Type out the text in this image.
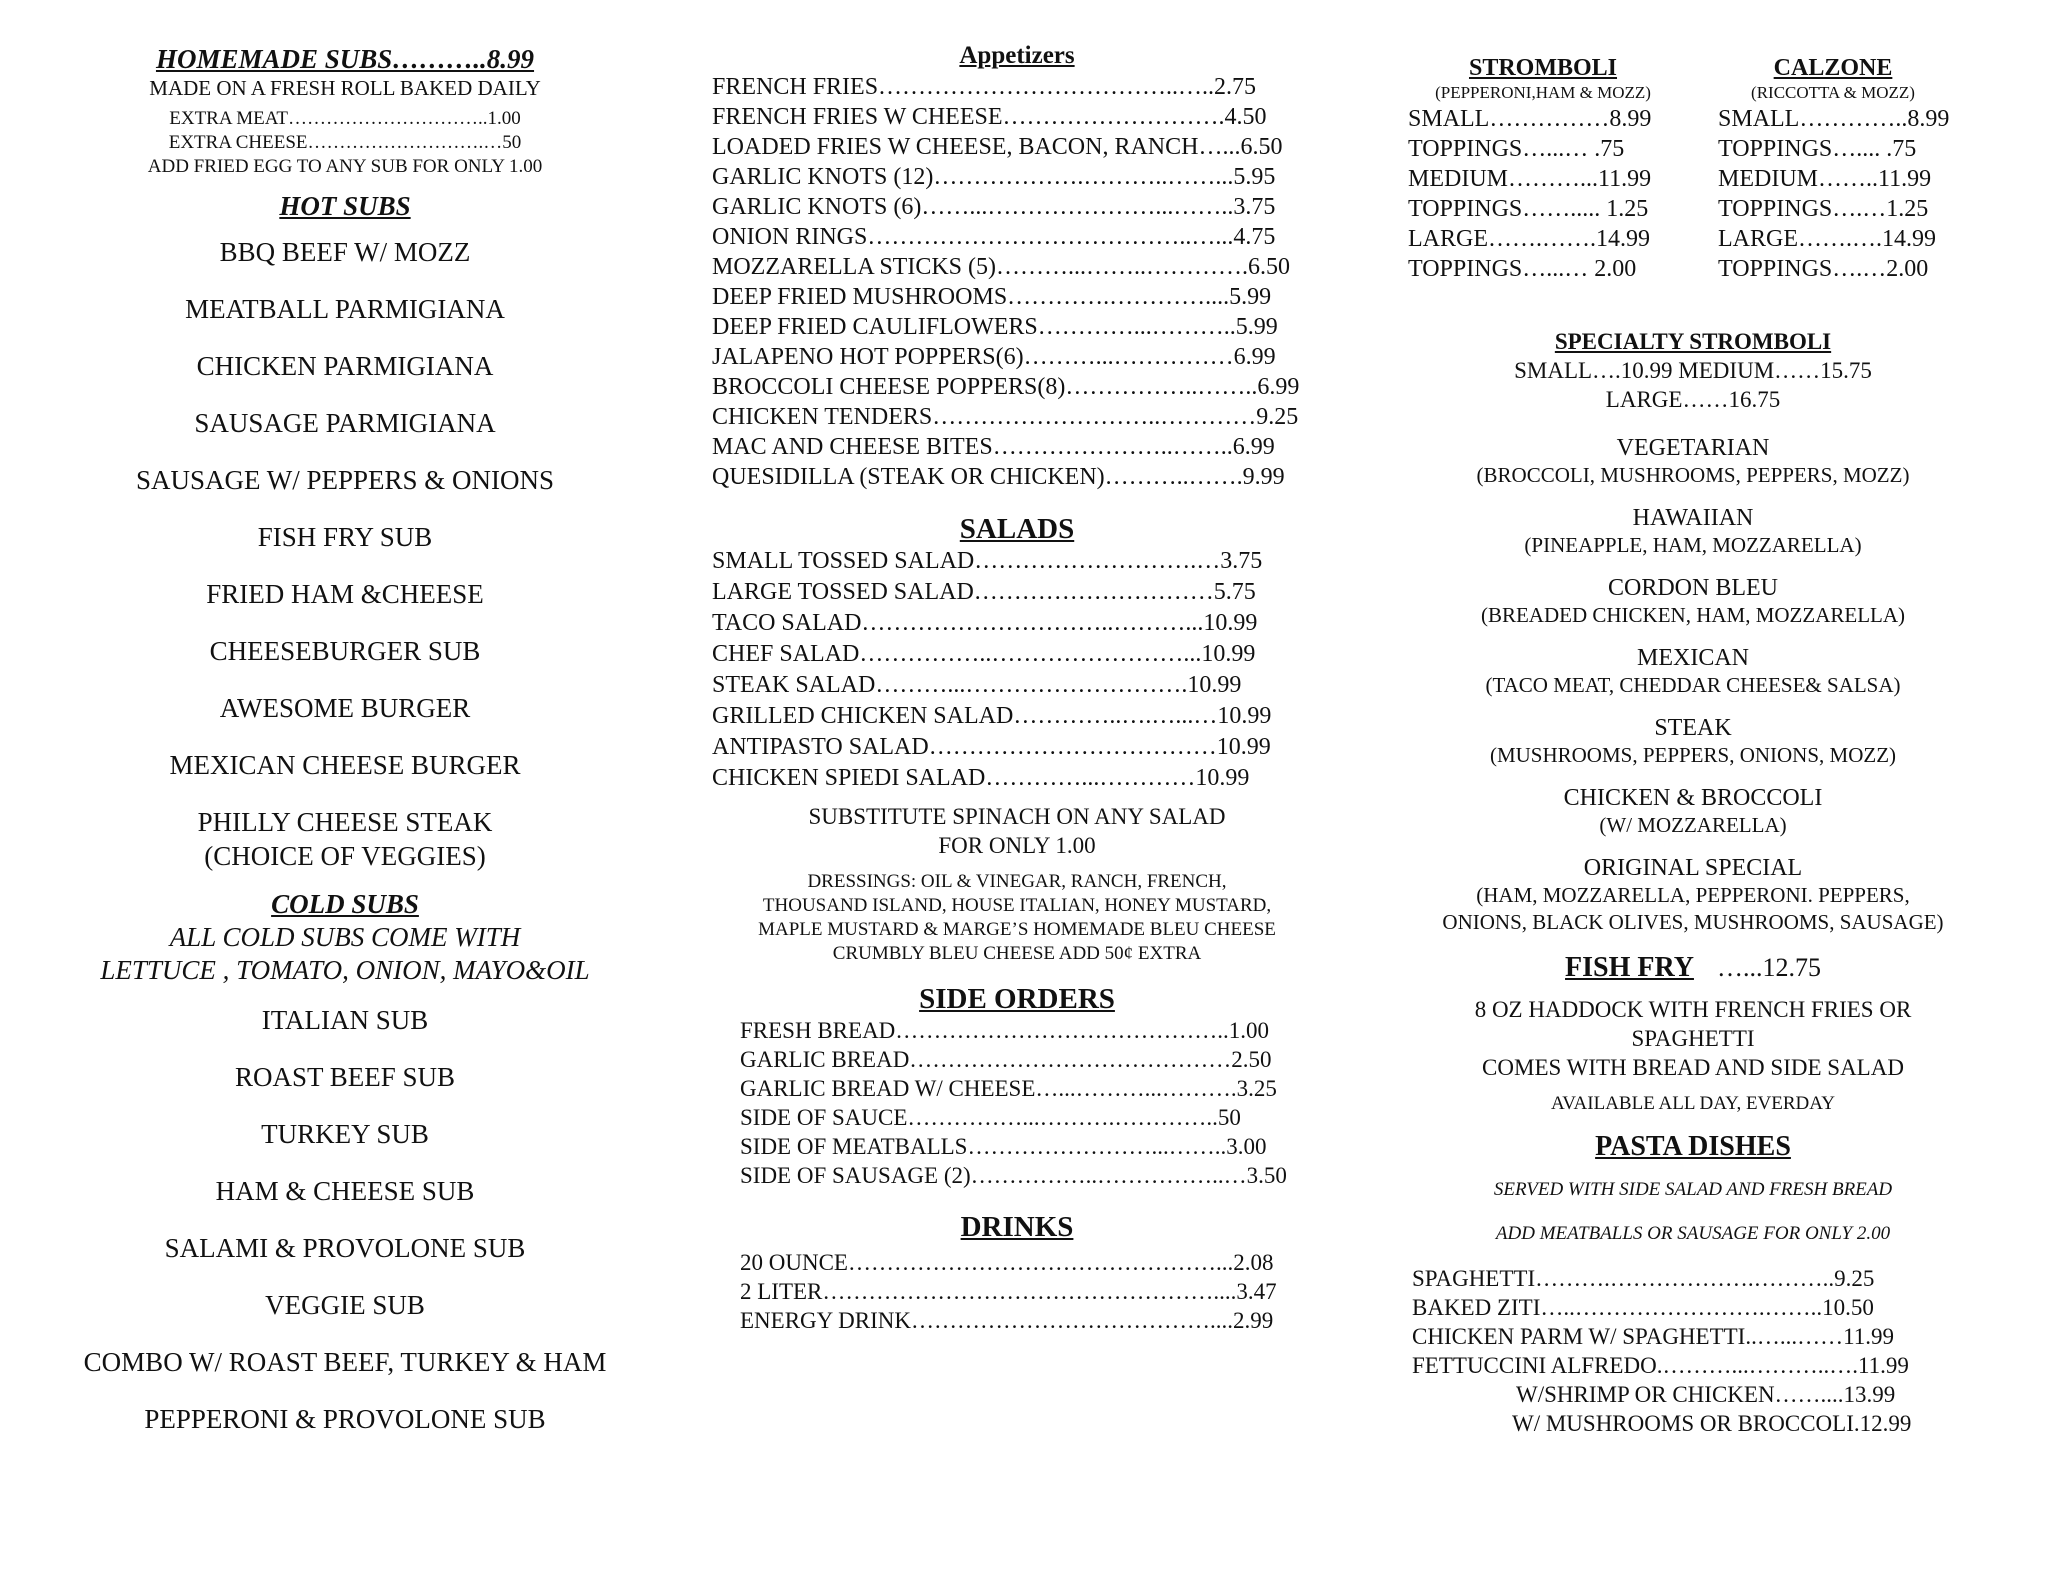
HOMEMADE SUBS………..8.99
MADE ON A FRESH ROLL BAKED DAILY
EXTRA MEAT…………………………..1.00
EXTRA CHEESE……………………….…50
ADD FRIED EGG TO ANY SUB FOR ONLY 1.00
HOT SUBS
BBQ BEEF W/ MOZZ
MEATBALL PARMIGIANA
CHICKEN PARMIGIANA
SAUSAGE PARMIGIANA
SAUSAGE W/ PEPPERS & ONIONS
FISH FRY SUB
FRIED HAM &CHEESE
CHEESEBURGER SUB
AWESOME BURGER
MEXICAN CHEESE BURGER
PHILLY CHEESE STEAK
(CHOICE OF VEGGIES)
COLD SUBS
ALL COLD SUBS COME WITH
LETTUCE , TOMATO, ONION, MAYO&OIL
ITALIAN SUB
ROAST BEEF SUB
TURKEY SUB
HAM & CHEESE SUB
SALAMI & PROVOLONE SUB
VEGGIE SUB
COMBO W/ ROAST BEEF, TURKEY & HAM
PEPPERONI & PROVOLONE SUB
Appetizers
FRENCH FRIES………………………………..…..2.75
FRENCH FRIES W CHEESE……………………….4.50
LOADED FRIES W CHEESE, BACON, RANCH…...6.50
GARLIC KNOTS (12)……………….………..……...5.95
GARLIC KNOTS (6)……...…………………...……..3.75
ONION RINGS…………………………………..…...4.75
MOZZARELLA STICKS (5)………...……..………….6.50
DEEP FRIED MUSHROOMS………….…………....5.99
DEEP FRIED CAULIFLOWERS…………...………..5.99
JALAPENO HOT POPPERS(6)………...……………6.99
BROCCOLI CHEESE POPPERS(8)……………..……..6.99
CHICKEN TENDERS………………………..…………9.25
MAC AND CHEESE BITES…………………..……..6.99
QUESIDILLA (STEAK OR CHICKEN)………..…….9.99
SALADS
SMALL TOSSED SALAD……………………….…3.75
LARGE TOSSED SALAD…………………………5.75
TACO SALAD…………………………..………...10.99
CHEF SALAD……………..……………………...10.99
STEAK SALAD………...……………………….10.99
GRILLED CHICKEN SALAD…………..….…...…10.99
ANTIPASTO SALAD………………………………10.99
CHICKEN SPIEDI SALAD…………...…………10.99
SUBSTITUTE SPINACH ON ANY SALAD
FOR ONLY 1.00
DRESSINGS: OIL & VINEGAR, RANCH, FRENCH,
THOUSAND ISLAND, HOUSE ITALIAN, HONEY MUSTARD,
MAPLE MUSTARD & MARGE’S HOMEMADE BLEU CHEESE
CRUMBLY BLEU CHEESE ADD 50¢ EXTRA
SIDE ORDERS
FRESH BREAD……………………………………..1.00
GARLIC BREAD……………………………………2.50
GARLIC BREAD W/ CHEESE…...………...……….3.25
SIDE OF SAUCE……………...……….…………..50
SIDE OF MEATBALLS……………………...……..3.00
SIDE OF SAUSAGE (2)……………..……………..…3.50
DRINKS
20 OUNCE…………………………………………...2.08
2 LITER……………………………………………....3.47
ENERGY DRINK…………………………………....2.99
STROMBOLI
(PEPPERONI,HAM & MOZZ)
SMALL……………8.99
TOPPINGS…...… .75
MEDIUM………...11.99
TOPPINGS……..... 1.25
LARGE…….…….14.99
TOPPINGS…...… 2.00
CALZONE
(RICCOTTA & MOZZ)
SMALL…………..8.99
TOPPINGS….... .75
MEDIUM……..11.99
TOPPINGS….…1.25
LARGE…….….14.99
TOPPINGS….…2.00
SPECIALTY STROMBOLI
SMALL….10.99 MEDIUM……15.75
LARGE……16.75
VEGETARIAN
(BROCCOLI, MUSHROOMS, PEPPERS, MOZZ)
HAWAIIAN
(PINEAPPLE, HAM, MOZZARELLA)
CORDON BLEU
(BREADED CHICKEN, HAM, MOZZARELLA)
MEXICAN
(TACO MEAT, CHEDDAR CHEESE& SALSA)
STEAK
(MUSHROOMS, PEPPERS, ONIONS, MOZZ)
CHICKEN & BROCCOLI
(W/ MOZZARELLA)
ORIGINAL SPECIAL
(HAM, MOZZARELLA, PEPPERONI. PEPPERS,
ONIONS, BLACK OLIVES, MUSHROOMS, SAUSAGE)
FISH FRY …...12.75
8 OZ HADDOCK WITH FRENCH FRIES OR
SPAGHETTI
COMES WITH BREAD AND SIDE SALAD
AVAILABLE ALL DAY, EVERDAY
PASTA DISHES
SERVED WITH SIDE SALAD AND FRESH BREAD
ADD MEATBALLS OR SAUSAGE FOR ONLY 2.00
SPAGHETTI……….……………….………..9.25
BAKED ZITI…..…………………….……..10.50
CHICKEN PARM W/ SPAGHETTI..…...……11.99
FETTUCCINI ALFREDO.………...………..….11.99
W/SHRIMP OR CHICKEN……....13.99
W/ MUSHROOMS OR BROCCOLI.12.99
